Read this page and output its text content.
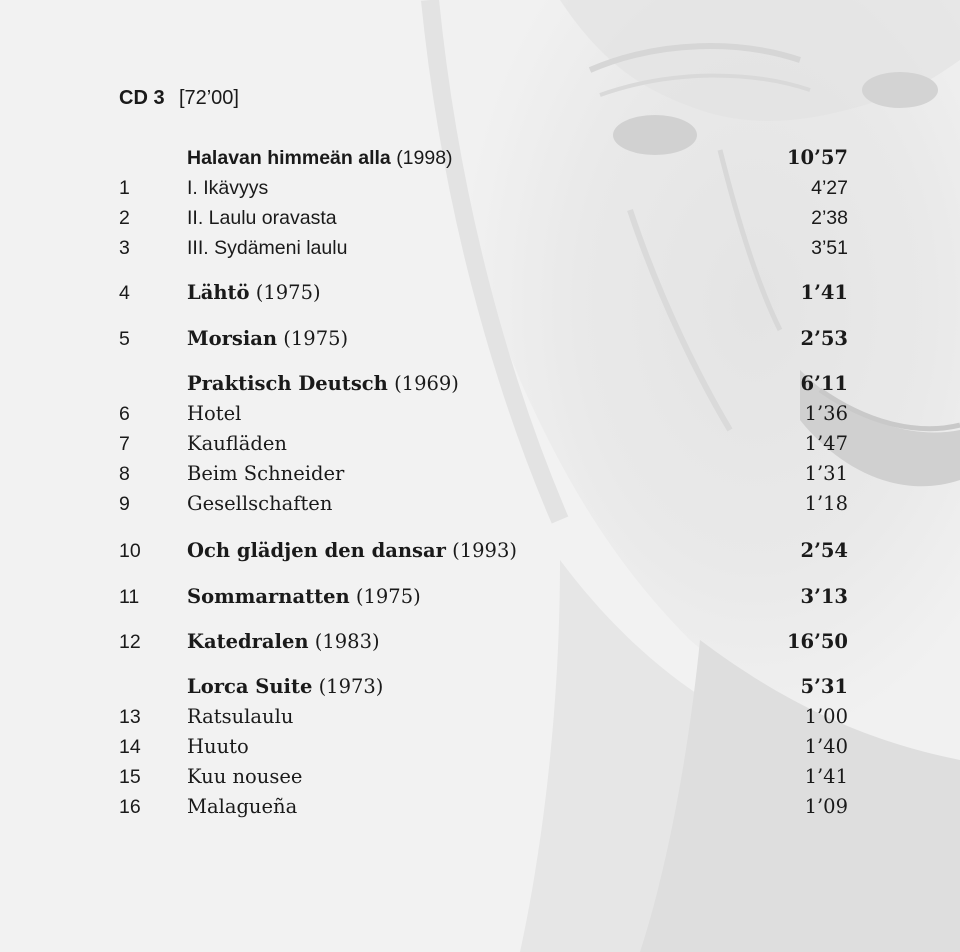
CD 3 [72’00]
Halavan himmeän alla (1998)	10’57
1	I. Ikävyys	4’27
2	II. Laulu oravasta	2’38
3	III. Sydämeni laulu	3’51
4	Lähtö (1975)	1’41
5	Morsian (1975)	2’53
Praktisch Deutsch (1969)	6’11
6	Hotel	1’36
7	Kaufläden	1’47
8	Beim Schneider	1’31
9	Gesellschaften	1’18
10 Och glädjen den dansar (1993)	2’54
11 Sommarnatten (1975)	3’13
12 Katedralen (1983)	16’50
Lorca Suite (1973)	5’31
13 Ratsulaulu	1’00
14 Huuto	1’40
15 Kuu nousee	1’41
16 Malagueña	1’09
